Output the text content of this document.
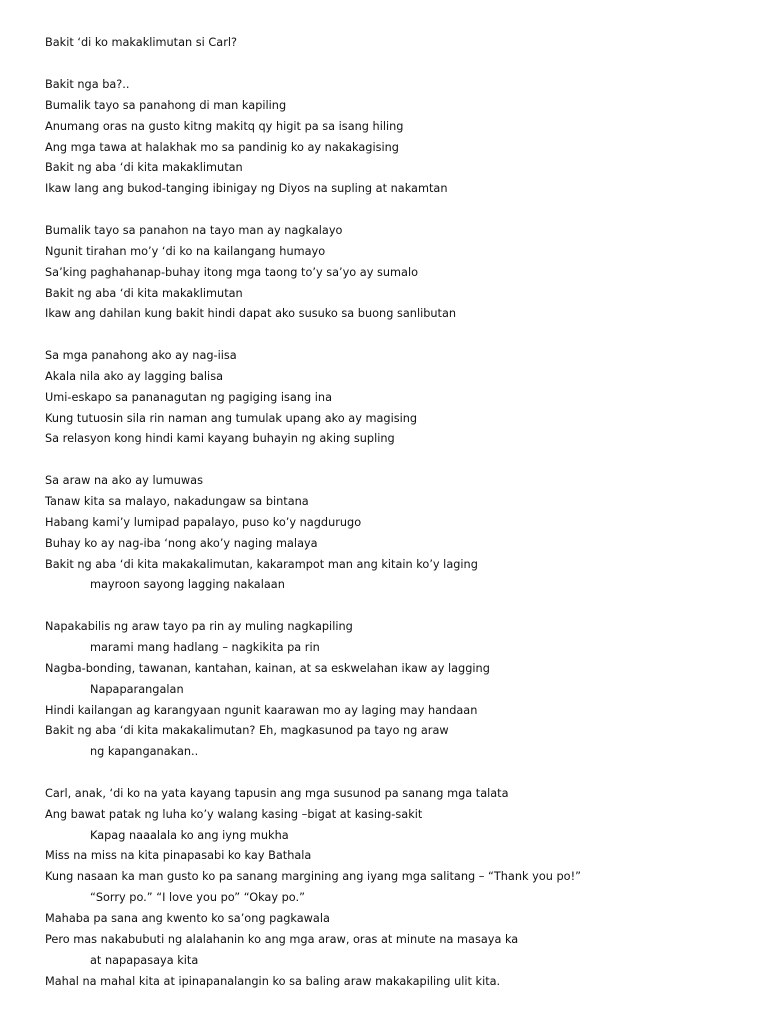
Bakit ‘di ko makaklimutan si Carl?
Bakit nga ba?..
Bumalik tayo sa panahong di man kapiling
Anumang oras na gusto kitng makitq qy higit pa sa isang hiling
Ang mga tawa at halakhak mo sa pandinig ko ay nakakagising
Bakit ng aba ‘di kita makaklimutan
Ikaw lang ang bukod-tanging ibinigay ng Diyos na supling at nakamtan
Bumalik tayo sa panahon na tayo man ay nagkalayo
Ngunit tirahan mo’y ‘di ko na kailangang humayo
Sa’king paghahanap-buhay itong mga taong to’y sa’yo ay sumalo
Bakit ng aba ‘di kita makaklimutan
Ikaw ang dahilan kung bakit hindi dapat ako susuko sa buong sanlibutan
Sa mga panahong ako ay nag-iisa
Akala nila ako ay lagging balisa
Umi-eskapo sa pananagutan ng pagiging isang ina
Kung tutuosin sila rin naman ang tumulak upang ako ay magising
Sa relasyon kong hindi kami kayang buhayin ng aking supling
Sa araw na ako ay lumuwas
Tanaw kita sa malayo, nakadungaw sa bintana
Habang kami’y lumipad papalayo, puso ko’y nagdurugo
Buhay ko ay nag-iba ‘nong ako’y naging malaya
Bakit ng aba ‘di kita makakalimutan, kakarampot man ang kitain ko’y laging
mayroon sayong lagging nakalaan
Napakabilis ng araw tayo pa rin ay muling nagkapiling
marami mang hadlang – nagkikita pa rin
Nagba-bonding, tawanan, kantahan, kainan, at sa eskwelahan ikaw ay lagging
Napaparangalan
Hindi kailangan ag karangyaan ngunit kaarawan mo ay laging may handaan
Bakit ng aba ‘di kita makakalimutan? Eh, magkasunod pa tayo ng araw
ng kapanganakan..
Carl, anak, ‘di ko na yata kayang tapusin ang mga susunod pa sanang mga talata
Ang bawat patak ng luha ko’y walang kasing –bigat at kasing-sakit
Kapag naaalala ko ang iyng mukha
Miss na miss na kita pinapasabi ko kay Bathala
Kung nasaan ka man gusto ko pa sanang margining ang iyang mga salitang – “Thank you po!”
“Sorry po.” “I love you po” “Okay po.”
Mahaba pa sana ang kwento ko sa’ong pagkawala
Pero mas nakabubuti ng alalahanin ko ang mga araw, oras at minute na masaya ka
at napapasaya kita
Mahal na mahal kita at ipinapanalangin ko sa baling araw makakapiling ulit kita.
